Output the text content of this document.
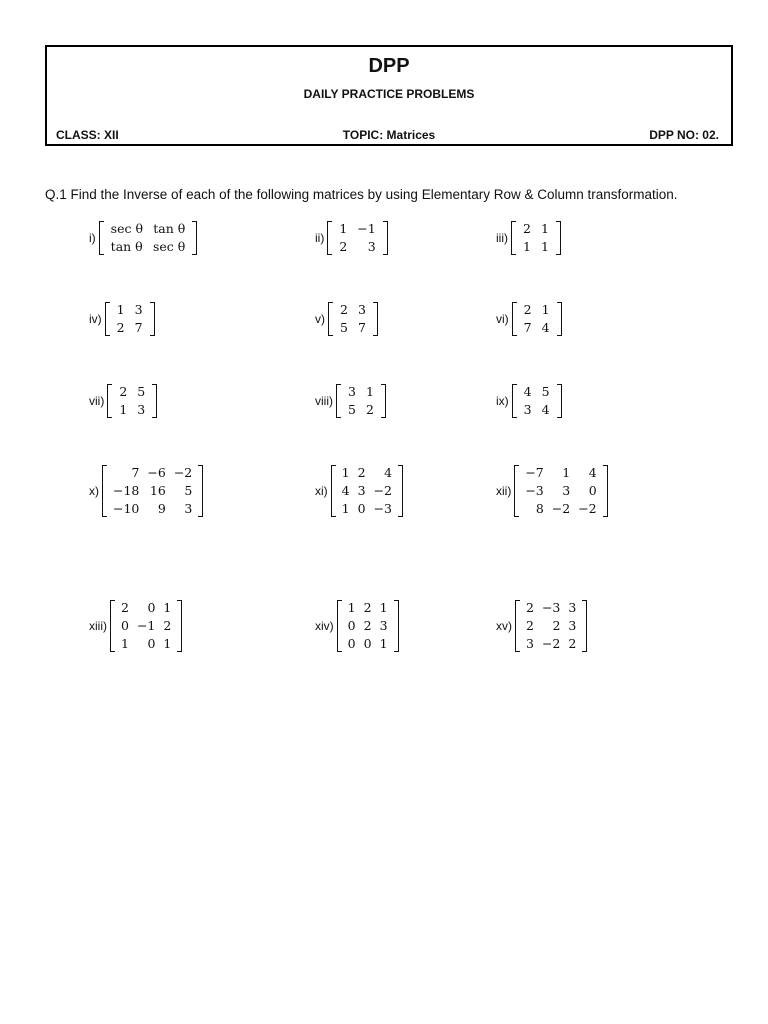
DPP
DAILY PRACTICE PROBLEMS
CLASS: XII	TOPIC: Matrices	DPP NO: 02.
Q.1 Find the Inverse of each of the following matrices by using Elementary Row & Column transformation.
i)
sec θ	tan θ
tan θ	sec θ
ii)
1	−1
2	3
iii)
2	1
1	1
iv)
1	3
2	7
v)
2	3
5	7
vi)
2	1
7	4
vii)
2	5
1	3
viii)
3	1
5	2
ix)
4	5
3	4
x)
7	−6	−2
−18	16	5
−10	9	3
xi)
1	2	4
4	3	−2
1	0	−3
xii)
−7	1	4
−3	3	0
8	−2	−2
xiii)
2	0	1
0	−1	2
1	0	1
xiv)
1	2	1
0	2	3
0	0	1
xv)
2	−3	3
2	2	3
3	−2	2
